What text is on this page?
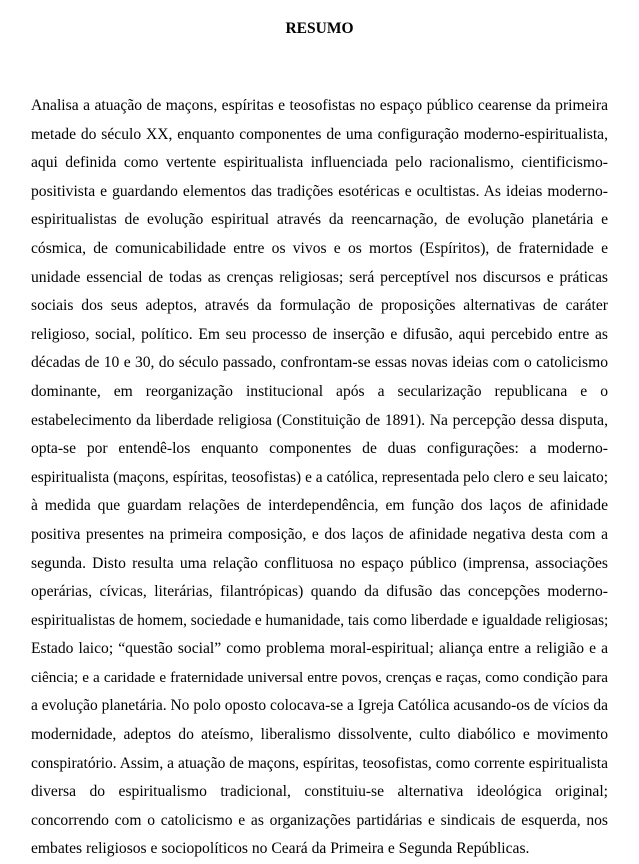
RESUMO
Analisa a atuação de maçons, espíritas e teosofistas no espaço público cearense da primeira
metade do século XX, enquanto componentes de uma configuração moderno-espiritualista,
aqui definida como vertente espiritualista influenciada pelo racionalismo, cientificismo-
positivista e guardando elementos das tradições esotéricas e ocultistas. As ideias moderno-
espiritualistas de evolução espiritual através da reencarnação, de evolução planetária e
cósmica, de comunicabilidade entre os vivos e os mortos (Espíritos), de fraternidade e
unidade essencial de todas as crenças religiosas; será perceptível nos discursos e práticas
sociais dos seus adeptos, através da formulação de proposições alternativas de caráter
religioso, social, político. Em seu processo de inserção e difusão, aqui percebido entre as
décadas de 10 e 30, do século passado, confrontam-se essas novas ideias com o catolicismo
dominante, em reorganização institucional após a secularização republicana e o
estabelecimento da liberdade religiosa (Constituição de 1891). Na percepção dessa disputa,
opta-se por entendê-los enquanto componentes de duas configurações: a moderno-
espiritualista (maçons, espíritas, teosofistas) e a católica, representada pelo clero e seu laicato;
à medida que guardam relações de interdependência, em função dos laços de afinidade
positiva presentes na primeira composição, e dos laços de afinidade negativa desta com a
segunda. Disto resulta uma relação conflituosa no espaço público (imprensa, associações
operárias, cívicas, literárias, filantrópicas) quando da difusão das concepções moderno-
espiritualistas de homem, sociedade e humanidade, tais como liberdade e igualdade religiosas;
Estado laico; “questão social” como problema moral-espiritual; aliança entre a religião e a
ciência; e a caridade e fraternidade universal entre povos, crenças e raças, como condição para
a evolução planetária. No polo oposto colocava-se a Igreja Católica acusando-os de vícios da
modernidade, adeptos do ateísmo, liberalismo dissolvente, culto diabólico e movimento
conspiratório. Assim, a atuação de maçons, espíritas, teosofistas, como corrente espiritualista
diversa do espiritualismo tradicional, constituiu-se alternativa ideológica original;
concorrendo com o catolicismo e as organizações partidárias e sindicais de esquerda, nos
embates religiosos e sociopolíticos no Ceará da Primeira e Segunda Repúblicas.
